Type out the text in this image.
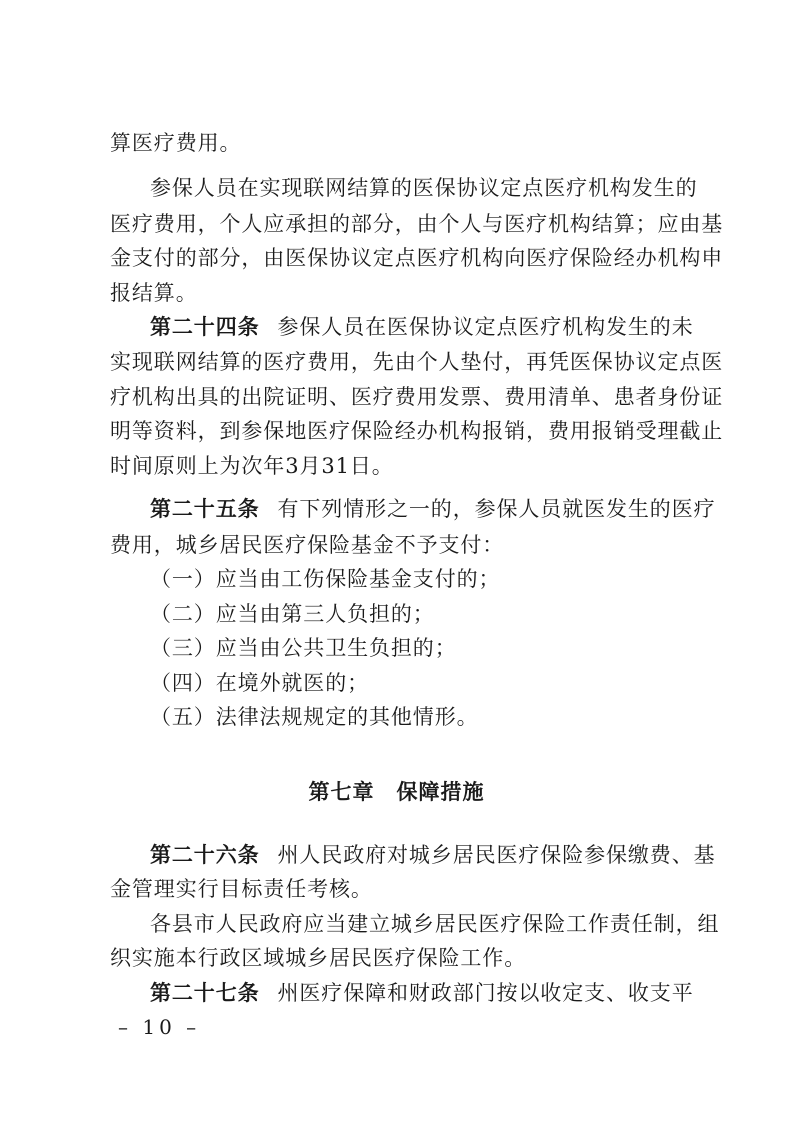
算医疗费用。
参保人员在实现联网结算的医保协议定点医疗机构发生的
医疗费用，个人应承担的部分，由个人与医疗机构结算；应由基
金支付的部分，由医保协议定点医疗机构向医疗保险经办机构申
报结算。
第二十四条 参保人员在医保协议定点医疗机构发生的未
实现联网结算的医疗费用，先由个人垫付，再凭医保协议定点医
疗机构出具的出院证明、医疗费用发票、费用清单、患者身份证
明等资料，到参保地医疗保险经办机构报销，费用报销受理截止
时间原则上为次年3月31日。
第二十五条 有下列情形之一的，参保人员就医发生的医疗
费用，城乡居民医疗保险基金不予支付：
（一）应当由工伤保险基金支付的；
（二）应当由第三人负担的；
（三）应当由公共卫生负担的；
（四）在境外就医的；
（五）法律法规规定的其他情形。
第七章 保障措施
第二十六条 州人民政府对城乡居民医疗保险参保缴费、基
金管理实行目标责任考核。
各县市人民政府应当建立城乡居民医疗保险工作责任制，组
织实施本行政区域城乡居民医疗保险工作。
第二十七条 州医疗保障和财政部门按以收定支、收支平
– 10 –
